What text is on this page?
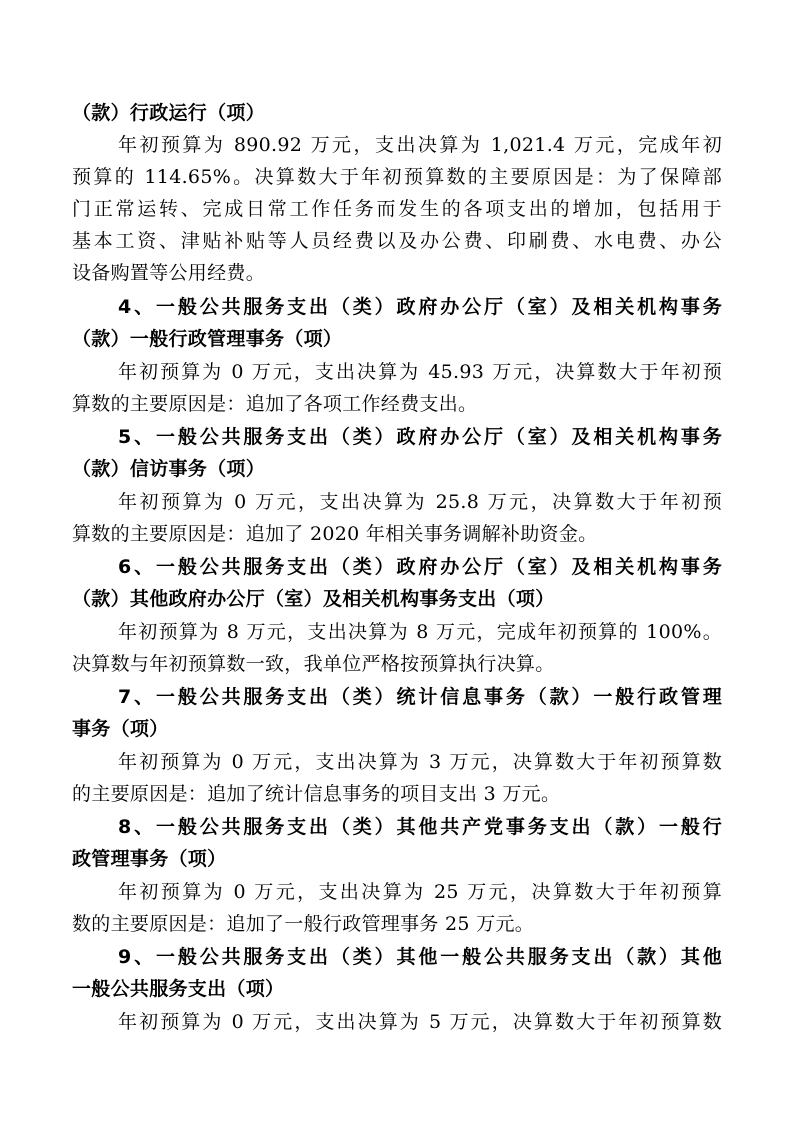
（款）行政运行（项）
年初预算为 890.92 万元，支出决算为 1,021.4 万元，完成年初
预算的 114.65%。决算数大于年初预算数的主要原因是：为了保障部
门正常运转、完成日常工作任务而发生的各项支出的增加，包括用于
基本工资、津贴补贴等人员经费以及办公费、印刷费、水电费、办公
设备购置等公用经费。
4、一般公共服务支出（类）政府办公厅（室）及相关机构事务
（款）一般行政管理事务（项）
年初预算为 0 万元，支出决算为 45.93 万元，决算数大于年初预
算数的主要原因是：追加了各项工作经费支出。
5、一般公共服务支出（类）政府办公厅（室）及相关机构事务
（款）信访事务（项）
年初预算为 0 万元，支出决算为 25.8 万元，决算数大于年初预
算数的主要原因是：追加了 2020 年相关事务调解补助资金。
6、一般公共服务支出（类）政府办公厅（室）及相关机构事务
（款）其他政府办公厅（室）及相关机构事务支出（项）
年初预算为 8 万元，支出决算为 8 万元，完成年初预算的 100%。
决算数与年初预算数一致，我单位严格按预算执行决算。
7、一般公共服务支出（类）统计信息事务（款）一般行政管理
事务（项）
年初预算为 0 万元，支出决算为 3 万元，决算数大于年初预算数
的主要原因是：追加了统计信息事务的项目支出 3 万元。
8、一般公共服务支出（类）其他共产党事务支出（款）一般行
政管理事务（项）
年初预算为 0 万元，支出决算为 25 万元，决算数大于年初预算
数的主要原因是：追加了一般行政管理事务 25 万元。
9、一般公共服务支出（类）其他一般公共服务支出（款）其他
一般公共服务支出（项）
年初预算为 0 万元，支出决算为 5 万元，决算数大于年初预算数
